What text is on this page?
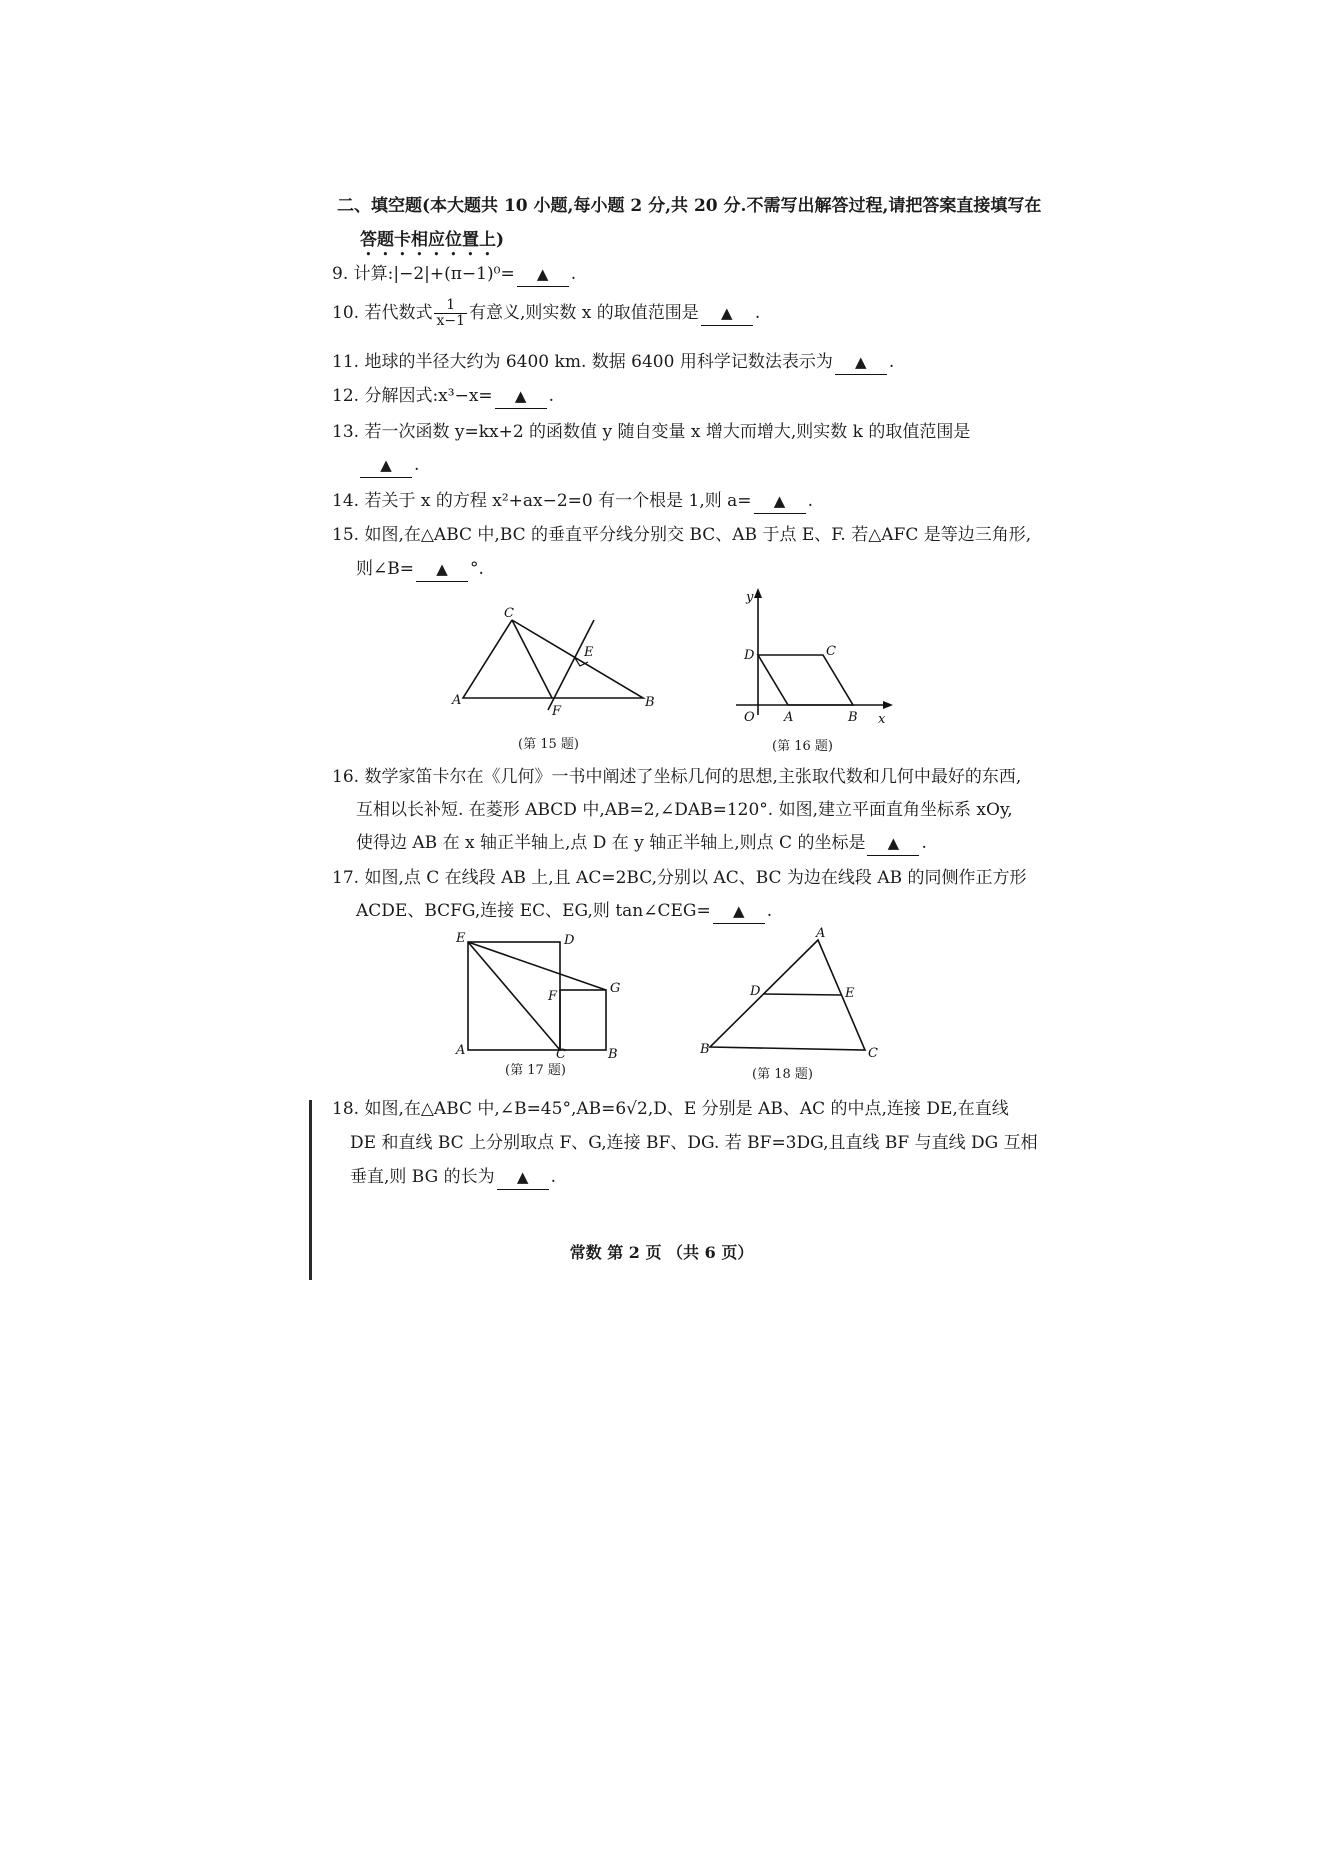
二、填空题(本大题共 10 小题,每小题 2 分,共 20 分.不需写出解答过程,请把答案直接填写在
答题卡相应位置上)
9. 计算:|−2|+(π−1)⁰= ▲ .
10. 若代数式 $\frac{1}{x-1}$ 有意义,则实数 x 的取值范围是 ▲ .
11. 地球的半径大约为 6400 km. 数据 6400 用科学记数法表示为 ▲ .
12. 分解因式:x³−x= ▲ .
13. 若一次函数 y=kx+2 的函数值 y 随自变量 x 增大而增大,则实数 k 的取值范围是
▲ .
14. 若关于 x 的方程 x²+ax−2=0 有一个根是 1,则 a= ▲ .
15. 如图,在△ABC 中,BC 的垂直平分线分别交 BC、AB 于点 E、F. 若△AFC 是等边三角形,
则∠B= ▲ °.
C
E
A
F
B
(第 15 题)
y
D	C
O A	B x
(第 16 题)
16. 数学家笛卡尔在《几何》一书中阐述了坐标几何的思想,主张取代数和几何中最好的东西,
互相以长补短. 在菱形 ABCD 中,AB=2,∠DAB=120°. 如图,建立平面直角坐标系 xOy,
使得边 AB 在 x 轴正半轴上,点 D 在 y 轴正半轴上,则点 C 的坐标是 ▲ .
17. 如图,点 C 在线段 AB 上,且 AC=2BC,分别以 AC、BC 为边在线段 AB 的同侧作正方形
ACDE、BCFG,连接 EC、EG,则 tan∠CEG= ▲ .
E	D
F
G
A	C	B
(第 17 题)
A
D	E
B	C
(第 18 题)
18. 如图,在△ABC 中,∠B=45°,AB=6√2,D、E 分别是 AB、AC 的中点,连接 DE,在直线
DE 和直线 BC 上分别取点 F、G,连接 BF、DG. 若 BF=3DG,且直线 BF 与直线 DG 互相
垂直,则 BG 的长为 ▲ .
常数 第 2 页 （共 6 页）
